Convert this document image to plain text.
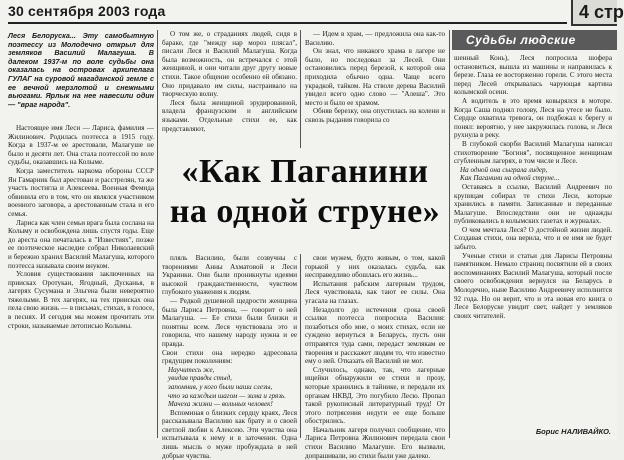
30 сентября 2003 года	4 стр
Леся Белоруска... Эту самобытную поэтессу из Молодечно открыл для земляков Василий Малагуша. В далеком 1937-м по воле судьбы она оказалась на островах архипелага ГУЛАГ на суровой магаданской земле с ее вечной мерзлотой и снежными вьюгами. Ярлык на нее навесили один — "враг народа".

Настоящее имя Леси — Лариса, фамилия — Жилинович. Родилась поэтесса в 1915 году. Когда в 1937-м ее арестовали, Малагуше не было и десяти лет. Она стала поэтессой по воле судьбы, оказавшись на Колыме.

Когда заместитель наркома обороны СССР Ян Гамарник был арестован и расстрелян, та же участь постигла и Алексеева. Военная Фемида обвинила его в том, что он являлся участником военного заговора, а арестованным стала и его семья.

Лариса как член семьи врага была сослана на Колыму и освобождена лишь спустя годы. Еще до ареста она печаталась в "Известиях", позже ее поэтическое наследие собрал Николаевский и бережно хранил Василий Малагуша, которого поэтесса называла своим внуком.

Условия существования заключенных на приисках Оротукан, Ягодный, Дусканья, в лагерях Сусумана и Эльгена были невероятно тяжелыми. В тех лагерях, на тех приисках она пела свою жизнь — в письмах, стихах, в голосе, в песнях. И сегодня мы можем прочитать эти строки, называемые летописью Колымы.

О том же, о страданиях людей, сидя в бараке, где "между нар мороз плясал", писали Леся и Василий Малагуша. Когда была возможность, он встречался с этой женщиной, и они читали друг другу новые стихи. Такое общение особенно ей обязано. Оно придавало им силы, настраивало на творческую волну.

Леся была женщиной эрудированной, владела французским и английским языками. Отдельные стихи ее, как представляют,

— Идем в храм, — предложила она как-то Василию.

Он знал, что никакого храма в лагере не было, но последовал за Лесей. Они остановились перед березой, к которой она приходила обычно одна. Чаще всего украдкой, тайком. На стволе дерева Василий увидел всего одно слово — "Алеша". Это место и было ее храмом.

Обняв березку, она опустилась на колени и сквозь рыдания говорила со

«Как Паганини на одной струне»

пляль Василию, были созвучны с творениями Анны Ахматовой и Леси Украинки. Они были проникнуты идеями высокой гражданственности, чувством глубокого уважения к людям.

— Редкой душевной щедрости женщина была Лариса Петровна, — говорит о ней Малагуша. — Ее стихи были близки и понятны всем. Леся чувствовала это и говорила, что нашему народу нужна и ее правда.

Свои стихи она нередко адресовала грядущим поколениям:

Научитесь же,
увидав правды стыд,
запомнив, у кого были наши слезы,
что за каждым шагом — зима и грязь.
Мачеха жизни — вольных человек!

Вспоминая о близких сердцу краях, Леся рассказывала Василию как брату и о своей светлой любви к Алексею. Эти чувства она испытывала к нему и в заточении. Одна лишь мысль о муже пробуждала в ней добрые чувства.

свои мужем, будто живым, о том, какой горькой у них оказалась судьба, как несправедливо обошлась его жизнь...

Испытания рабским лагерным трудом, Леся чувствовала, как тают ее силы. Она угасала на глазах.

Незадолго до истечения срока своей ссылки поэтесса попросила Василия: позаботься обо мне, о моих стихах, если не суждено вернуться в Беларусь, пусть они отправятся туда сами, передаст землякам ее творения и расскажет людям то, что известно ему о ней. Отказать ей Василий не мог.

Случилось, однако, так, что лагерные ищейки обнаружили ее стихи и прозу, которые хранились в тайнике, и передали их органам НКВД. Это погубило Лесю. Пропал такой рукописный литературный труд! От этого потрясения недуги ее еще больше обострились.

Начальник лагеря получил сообщение, что Лариса Петровна Жилинович передала свои стихи Василию Малагуше. Его вызвали, допрашивали, но стихи были уже далеко.

Судьбы людские

шенный Конь), Леся попросила шофера остановиться, вышла из машины и направилась к березе. Глаза ее восторженно горели. С этого места перед Лесей открывалась чарующая картина колымской осени.

А водитель в это время ковырялся в моторе. Когда Саша поднял голову, Леся на утесе не было. Сердце охватила тревога, он подбежал к берегу и понял: вероятно, у нее закружилась голова, и Леся рухнула в реку.

В глубокой скорби Василий Малагуша написал стихотворение "Богиня", посвященное женщинам сгубленным лагерях, в том числе и Лесе.

На одной она сыграла лидер,
Как Паганини на одной струне...

Оставаясь в ссылке, Василий Андреевич по крупицам собирал те стихи Леси, которые хранились в памяти. Записанные и переданные Малагуше. Впоследствии они не однажды публиковались в колымских газетах и журналах.

О чем мечтала Леся? О достойной жизни людей. Создавая стихи, она верила, что и ее имя не будет забыто.

Ученые стихи и статьи для Ларисы Петровны памятником. Немало страниц посвятили ей в своих воспоминаниях Василий Малагуша, который после своего освобождения вернулся на Беларусь в Молодечно, ныне Василию Андреевичу исполнится 92 года. Но он верит, что и эта новая его книга о Лесе Белоруске увидит свет, найдет у земляков своих читателей.

Борис НАЛИВАЙКО.
